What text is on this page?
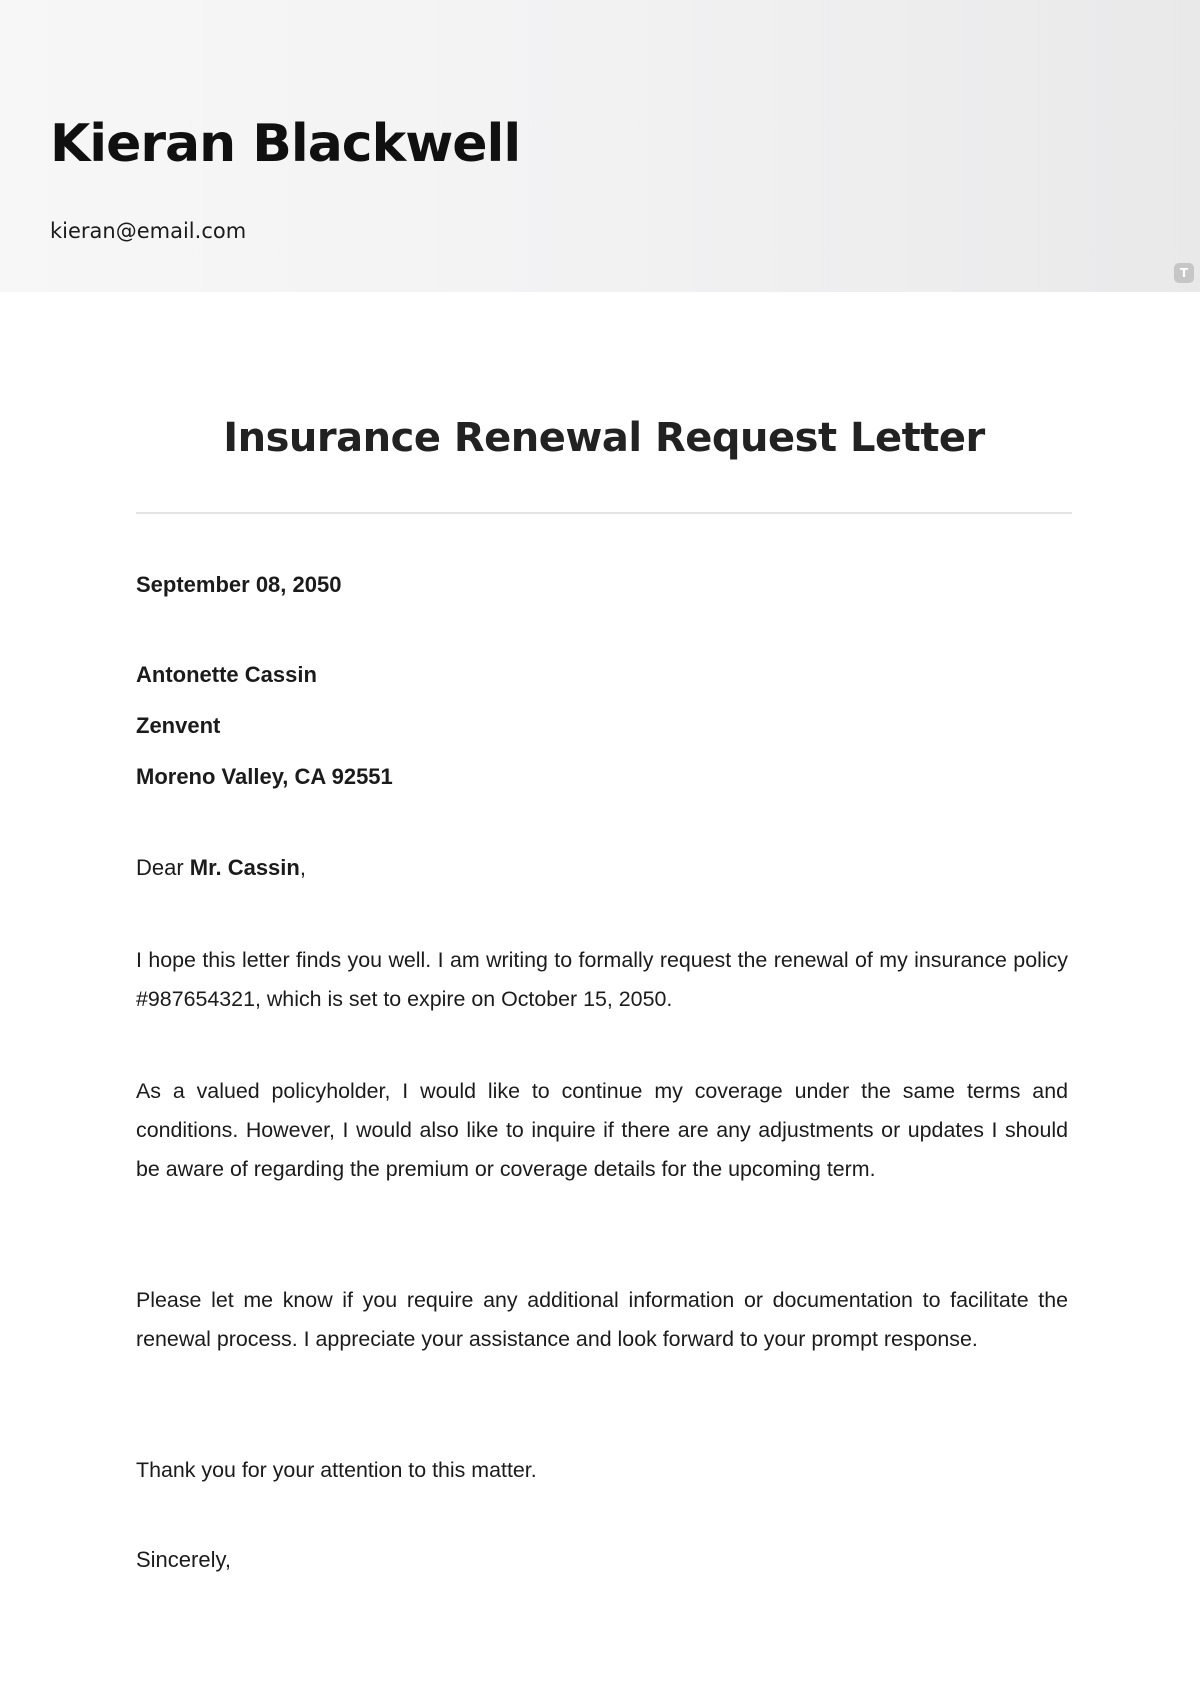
Kieran Blackwell
kieran@email.com
T
Insurance Renewal Request Letter
September 08, 2050
Antonette Cassin
Zenvent
Moreno Valley, CA 92551
Dear Mr. Cassin,

I hope this letter finds you well. I am writing to formally request the renewal of my insurance policy #987654321, which is set to expire on October 15, 2050.

As a valued policyholder, I would like to continue my coverage under the same terms and conditions. However, I would also like to inquire if there are any adjustments or updates I should be aware of regarding the premium or coverage details for the upcoming term.

Please let me know if you require any additional information or documentation to facilitate the renewal process. I appreciate your assistance and look forward to your prompt response.

Thank you for your attention to this matter.

Sincerely,
